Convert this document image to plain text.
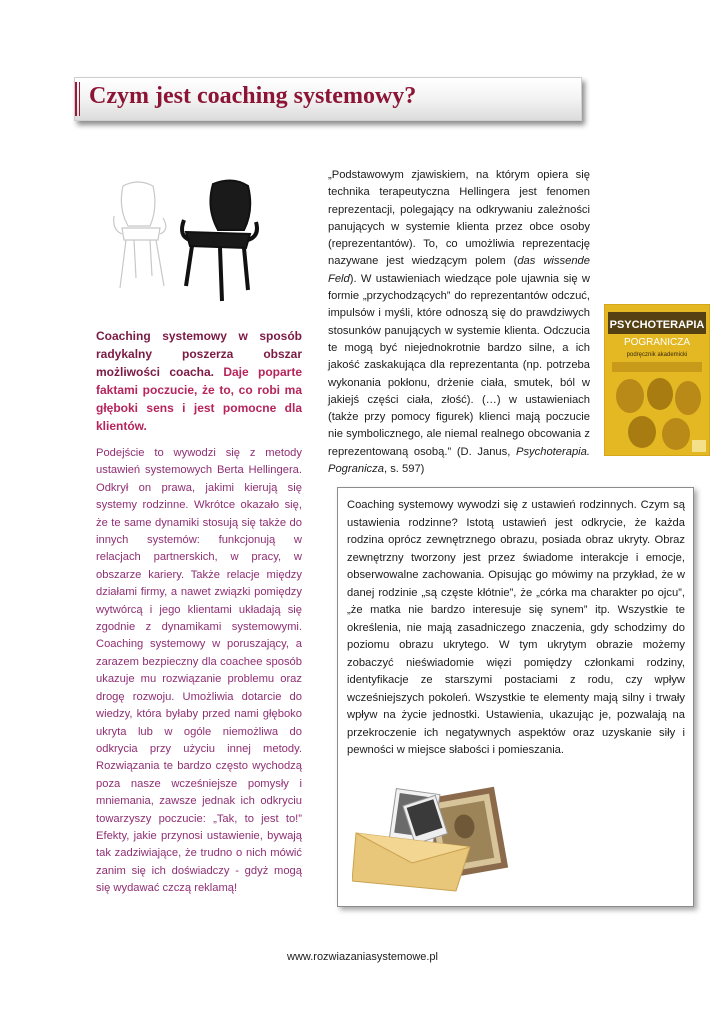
Czym jest coaching systemowy?
Coaching systemowy w sposób radykalny poszerza obszar możliwości coacha. Daje poparte faktami poczucie, że to, co robi ma głęboki sens i jest pomocne dla klientów.
Podejście to wywodzi się z metody ustawień systemowych Berta Hellingera. Odkrył on prawa, jakimi kierują się systemy rodzinne. Wkrótce okazało się, że te same dynamiki stosują się także do innych systemów: funkcjonują w relacjach partnerskich, w pracy, w obszarze kariery. Także relacje między działami firmy, a nawet związki pomiędzy wytwórcą i jego klientami układają się zgodnie z dynamikami systemowymi. Coaching systemowy w poruszający, a zarazem bezpieczny dla coachee sposób ukazuje mu rozwiązanie problemu oraz drogę rozwoju. Umożliwia dotarcie do wiedzy, która byłaby przed nami głęboko ukryta lub w ogóle niemożliwa do odkrycia przy użyciu innej metody. Rozwiązania te bardzo często wychodzą poza nasze wcześniejsze pomysły i mniemania, zawsze jednak ich odkryciu towarzyszy poczucie: „Tak, to jest to!” Efekty, jakie przynosi ustawienie, bywają tak zadziwiające, że trudno o nich mówić zanim się ich doświadczy - gdyż mogą się wydawać czczą reklamą!
„Podstawowym zjawiskiem, na którym opiera się technika terapeutyczna Hellingera jest fenomen reprezentacji, polegający na odkrywaniu zależności panujących w systemie klienta przez obce osoby (reprezentantów). To, co umożliwia reprezentację nazywane jest wiedzącym polem (das wissende Feld). W ustawieniach wiedzące pole ujawnia się w formie „przychodzących” do reprezentantów odczuć, impulsów i myśli, które odnoszą się do prawdziwych stosunków panujących w systemie klienta. Odczucia te mogą być niejednokrotnie bardzo silne, a ich jakość zaskakująca dla reprezentanta (np. potrzeba wykonania pokłonu, drżenie ciała, smutek, ból w jakiejś części ciała, złość). (…) w ustawieniach (także przy pomocy figurek) klienci mają poczucie nie symbolicznego, ale niemal realnego obcowania z reprezentowaną osobą.” (D. Janus, Psychoterapia. Pogranicza, s. 597)
PSYCHOTERAPIA
POGRANICZA
podręcznik akademicki
Coaching systemowy wywodzi się z ustawień rodzinnych. Czym są ustawienia rodzinne? Istotą ustawień jest odkrycie, że każda rodzina oprócz zewnętrznego obrazu, posiada obraz ukryty. Obraz zewnętrzny tworzony jest przez świadome interakcje i emocje, obserwowalne zachowania. Opisując go mówimy na przykład, że w danej rodzinie „są częste kłótnie”, że „córka ma charakter po ojcu”, „że matka nie bardzo interesuje się synem” itp. Wszystkie te określenia, nie mają zasadniczego znaczenia, gdy schodzimy do poziomu obrazu ukrytego. W tym ukrytym obrazie możemy zobaczyć nieświadomie więzi pomiędzy członkami rodziny, identyfikacje ze starszymi postaciami z rodu, czy wpływ wcześniejszych pokoleń. Wszystkie te elementy mają silny i trwały wpływ na życie jednostki. Ustawienia, ukazując je, pozwalają na przekroczenie ich negatywnych aspektów oraz uzyskanie siły i pewności w miejsce słabości i pomieszania.
www.rozwiazaniasystemowe.pl
